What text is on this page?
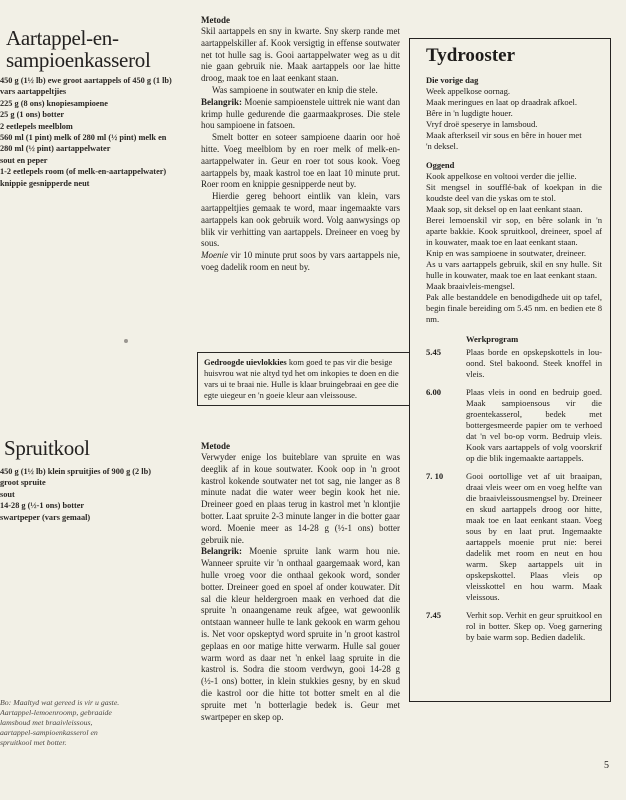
Aartappel-en-
sampioenkasserol
450 g (1½ lb) ewe groot aartappels of 450 g (1 lb)
vars aartappeltjies
225 g (8 ons) knopiesampioene
25 g (1 ons) botter
2 eetlepels meelblom
560 ml (1 pint) melk of 280 ml (½ pint) melk en
280 ml (½ pint) aartappelwater
sout en peper
1-2 eetlepels room (of melk-en-aartappelwater)
knippie gesnipperde neut
Spruitkool
450 g (1½ lb) klein spruitjies of 900 g (2 lb)
groot spruite
sout
14-28 g (½-1 ons) botter
swartpeper (vars gemaal)
Bo: Maaltyd wat gereed is vir u gaste.
Aartappel-lemoenroomp, gebraaide
lamsboud met braaivleissous,
aartappel-sampioenkasserol en
spruitkool met botter.
Metode

Skil aartappels en sny in kwarte. Sny skerp rande met aartappelskiller af. Kook versigtig in effense soutwater net tot hulle sag is. Gooi aartappelwater weg as u dit nie gaan gebruik nie. Maak aartappels oor lae hitte droog, maak toe en laat eenkant staan.

Was sampioene in soutwater en knip die stele.

Belangrik: Moenie sampioenstele uittrek nie want dan krimp hulle gedurende die gaarmaakproses. Die stele hou sampioene in fatsoen.

Smelt botter en soteer sampioene daarin oor hoë hitte. Voeg meelblom by en roer melk of melk-en-aartappelwater in. Geur en roer tot sous kook. Voeg aartappels by, maak kastrol toe en laat 10 minute prut. Roer room en knippie gesnipperde neut by.

Hierdie gereg behoort eintlik van klein, vars aartappeltjies gemaak te word, maar ingemaakte vars aartappels kan ook gebruik word. Volg aanwysings op blik vir verhitting van aartappels. Dreineer en voeg by sous.

Moenie vir 10 minute prut soos by vars aartappels nie, voeg dadelik room en neut by.

Gedroogde uievlokkies kom goed te pas vir die besige huisvrou wat nie altyd tyd het om inkopies te doen en die vars ui te braai nie. Hulle is klaar bruingebraai en gee die egte uiegeur en 'n goeie kleur aan vleissouse.
Metode

Verwyder enige los buiteblare van spruite en was deeglik af in koue soutwater. Kook oop in 'n groot kastrol kokende soutwater net tot sag, nie langer as 8 minute nadat die water weer begin kook het nie. Dreineer goed en plaas terug in kastrol met 'n klontjie botter. Laat spruite 2-3 minute langer in die botter gaar word. Moenie meer as 14-28 g (½-1 ons) botter gebruik nie.

Belangrik: Moenie spruite lank warm hou nie. Wanneer spruite vir 'n onthaal gaargemaak word, kan hulle vroeg voor die onthaal gekook word, sonder botter. Dreineer goed en spoel af onder kouwater. Dit sal die kleur heldergroen maak en verhoed dat die spruite 'n onaangename reuk afgee, wat gewoonlik ontstaan wanneer hulle te lank gekook en warm gehou is. Net voor opskeptyd word spruite in 'n groot kastrol geplaas en oor matige hitte verwarm. Hulle sal gouer warm word as daar net 'n enkel laag spruite in die kastrol is. Sodra die stoom verdwyn, gooi 14-28 g (½-1 ons) botter, in klein stukkies gesny, by en skud die kastrol oor die hitte tot botter smelt en al die spruite met 'n botterlagie bedek is. Geur met swartpeper en skep op.

Tydrooster
Die vorige dag
Week appelkose oornag.
Maak meringues en laat op draadrak afkoel.
Bêre in 'n lugdigte houer.
Vryf droë speserye in lamsboud.
Maak afterkseil vir sous en bêre in houer met
'n deksel.
Oggend
Kook appelkose en voltooi verder die jellie.
Sit mengsel in soufflé-bak of koekpan in die koudste deel van die yskas om te stol.
Maak sop, sit deksel op en laat eenkant staan.
Berei lemoenskil vir sop, en bêre solank in 'n aparte bakkie. Kook spruitkool, dreineer, spoel af in kouwater, maak toe en laat eenkant staan.
Knip en was sampioene in soutwater, dreineer.
As u vars aartappels gebruik, skil en sny hulle. Sit hulle in kouwater, maak toe en laat eenkant staan.
Maak braaivleis-mengsel.
Pak alle bestanddele en benodigdhede uit op tafel, begin finale bereiding om 5.45 nm. en bedien ete 8 nm.
Werkprogram
5.45	Plaas borde en opskepskottels in lou-oond. Stel bakoond. Steek knoffel in vleis.
6.00	Plaas vleis in oond en bedruip goed. Maak sampioensous vir die groentekasserol, bedek met bottergesmeerde papier om te verhoed dat 'n vel bo-op vorm. Bedruip vleis. Kook vars aartappels of volg voorskrif op die blik ingemaakte aartappels.
7. 10	Gooi oortollige vet af uit braaipan, draai vleis weer om en voeg helfte van die braaivleissousmengsel by. Dreineer en skud aartappels droog oor hitte, maak toe en laat eenkant staan. Voeg sous by en laat prut. Ingemaakte aartappels moenie prut nie: berei dadelik met room en neut en hou warm. Skep aartappels uit in opskepskottel. Plaas vleis op vleisskottel en hou warm. Maak vleissous.
7.45	Verhit sop. Verhit en geur spruitkool en rol in botter. Skep op. Voeg garnering by baie warm sop. Bedien dadelik.
5
